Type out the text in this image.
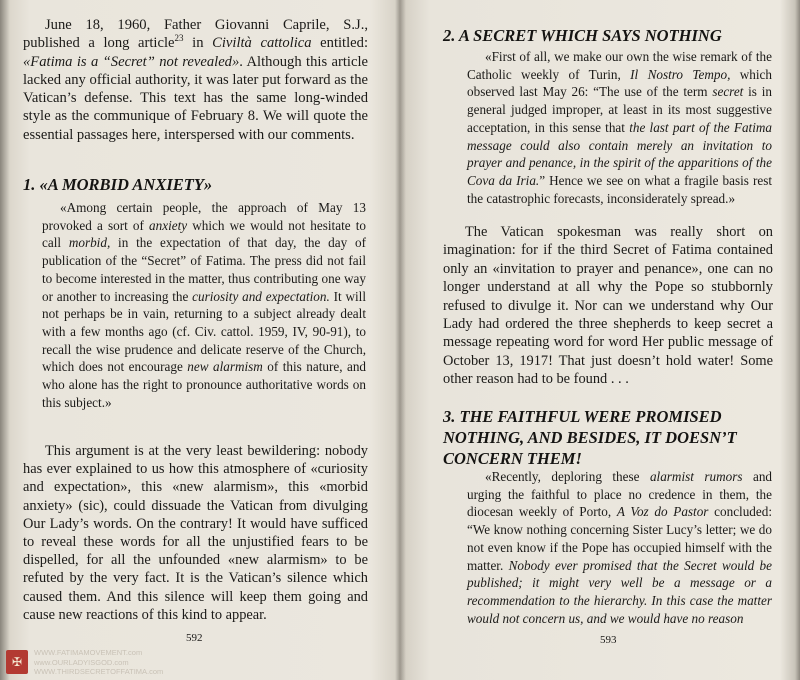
June 18, 1960, Father Giovanni Caprile, S.J., published a long article$^{23}$ in Civiltà cattolica entitled: «Fatima is a “Secret” not revealed». Although this article lacked any official authority, it was later put forward as the Vatican’s defense. This text has the same long-winded style as the communique of February 8. We will quote the essential passages here, interspersed with our comments.

1. «A MORBID ANXIETY»

«Among certain people, the approach of May 13 provoked a sort of anxiety which we would not hesitate to call morbid, in the expectation of that day, the day of publication of the “Secret” of Fatima. The press did not fail to become interested in the matter, thus contributing one way or another to increasing the curiosity and expectation. It will not perhaps be in vain, returning to a subject already dealt with a few months ago (cf. Civ. cattol. 1959, IV, 90-91), to recall the wise prudence and delicate reserve of the Church, which does not encourage new alarmism of this nature, and who alone has the right to pronounce authoritative words on this subject.»

This argument is at the very least bewildering: nobody has ever explained to us how this atmosphere of «curiosity and expectation», this «new alarmism», this «morbid anxiety» (sic), could dissuade the Vatican from divulging Our Lady’s words. On the contrary! It would have sufficed to reveal these words for all the unjustified fears to be dispelled, for all the unfounded «new alarmism» to be refuted by the very fact. It is the Vatican’s silence which caused them. And this silence will keep them going and cause new reactions of this kind to appear.

592
2. A SECRET WHICH SAYS NOTHING

«First of all, we make our own the wise remark of the Catholic weekly of Turin, Il Nostro Tempo, which observed last May 26: “The use of the term secret is in general judged improper, at least in its most suggestive acceptation, in this sense that the last part of the Fatima message could also contain merely an invitation to prayer and penance, in the spirit of the apparitions of the Cova da Iria.” Hence we see on what a fragile basis rest the catastrophic forecasts, inconsiderately spread.»

The Vatican spokesman was really short on imagination: for if the third Secret of Fatima contained only an «invitation to prayer and penance», one can no longer understand at all why the Pope so stubbornly refused to divulge it. Nor can we understand why Our Lady had ordered the three shepherds to keep secret a message repeating word for word Her public message of October 13, 1917! That just doesn’t hold water! Some other reason had to be found . . .

3. THE FAITHFUL WERE PROMISED NOTHING, AND BESIDES, IT DOESN’T CONCERN THEM!

«Recently, deploring these alarmist rumors and urging the faithful to place no credence in them, the diocesan weekly of Porto, A Voz do Pastor concluded: “We know nothing concerning Sister Lucy’s letter; we do not even know if the Pope has occupied himself with the matter. Nobody ever promised that the Secret would be published; it might very well be a message or a recommendation to the hierarchy. In this case the matter would not concern us, and we would have no reason

593
✠
WWW.FATIMAMOVEMENT.com
www.OURLADYISGOD.com
WWW.THIRDSECRETOFFATIMA.com
